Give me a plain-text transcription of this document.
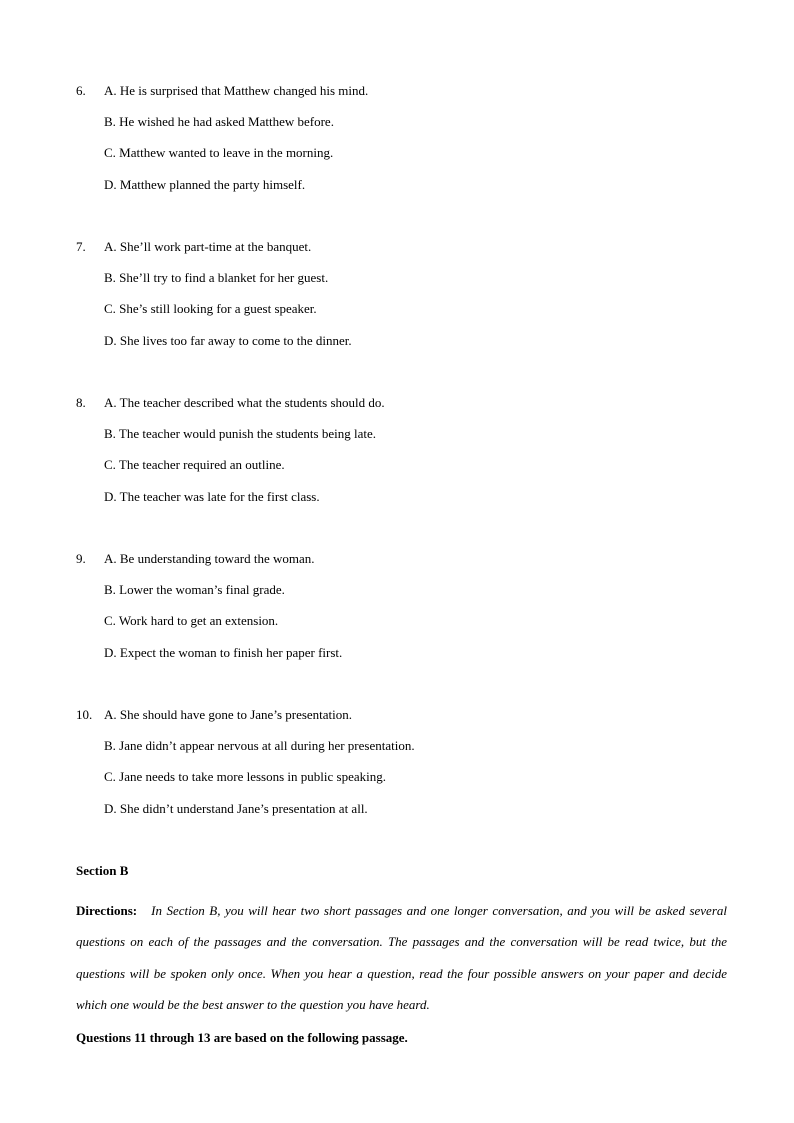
6. A. He is surprised that Matthew changed his mind.
B. He wished he had asked Matthew before.
C. Matthew wanted to leave in the morning.
D. Matthew planned the party himself.
7. A. She’ll work part-time at the banquet.
B. She’ll try to find a blanket for her guest.
C. She’s still looking for a guest speaker.
D. She lives too far away to come to the dinner.
8. A. The teacher described what the students should do.
B. The teacher would punish the students being late.
C. The teacher required an outline.
D. The teacher was late for the first class.
9. A. Be understanding toward the woman.
B. Lower the woman’s final grade.
C. Work hard to get an extension.
D. Expect the woman to finish her paper first.
10. A. She should have gone to Jane’s presentation.
B. Jane didn’t appear nervous at all during her presentation.
C. Jane needs to take more lessons in public speaking.
D. She didn’t understand Jane’s presentation at all.
Section B
Directions: In Section B, you will hear two short passages and one longer conversation, and you will be asked several questions on each of the passages and the conversation. The passages and the conversation will be read twice, but the questions will be spoken only once. When you hear a question, read the four possible answers on your paper and decide which one would be the best answer to the question you have heard.
Questions 11 through 13 are based on the following passage.
